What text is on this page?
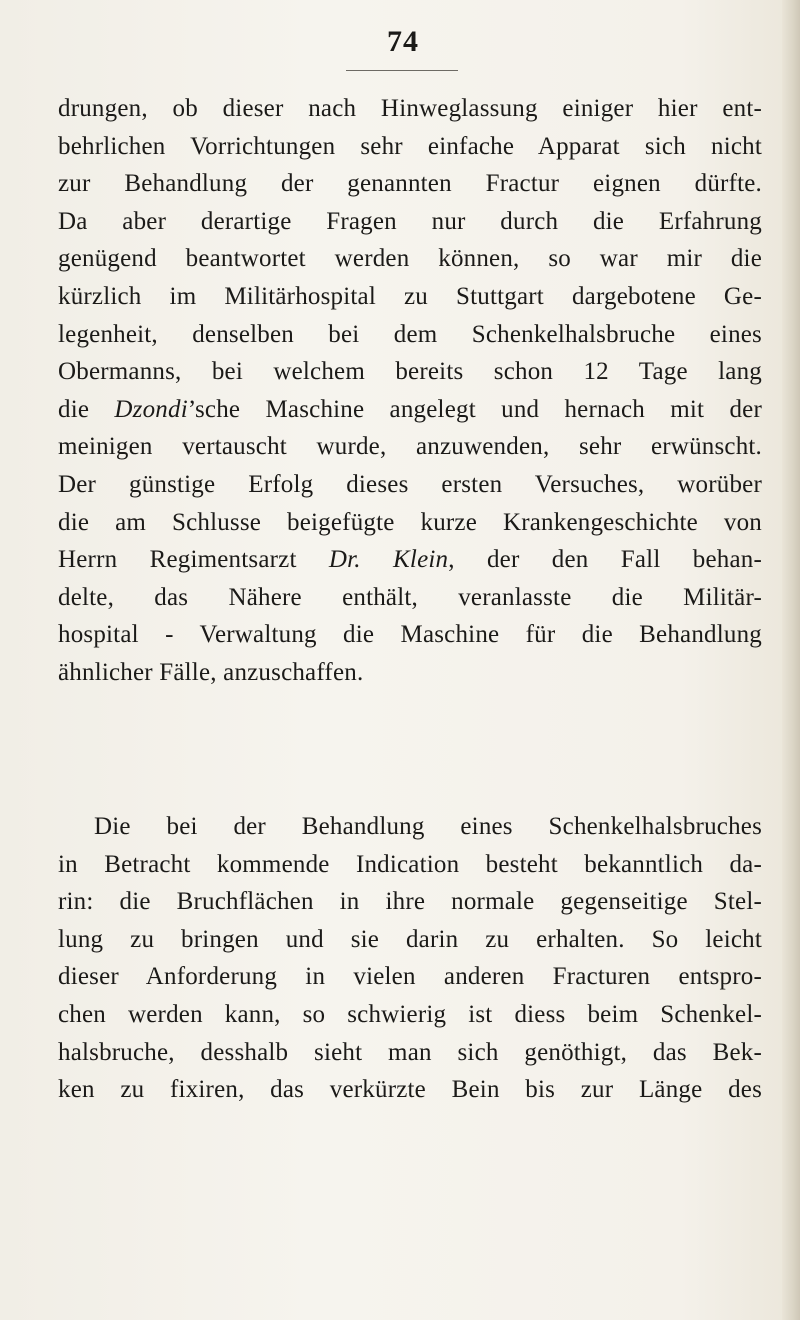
74
drungen, ob dieser nach Hinweglassung einiger hier ent-
behrlichen Vorrichtungen sehr einfache Apparat sich nicht
zur Behandlung der genannten Fractur eignen dürfte.
Da aber derartige Fragen nur durch die Erfahrung
genügend beantwortet werden können, so war mir die
kürzlich im Militärhospital zu Stuttgart dargebotene Ge-
legenheit, denselben bei dem Schenkelhalsbruche eines
Obermanns, bei welchem bereits schon 12 Tage lang
die Dzondi’sche Maschine angelegt und hernach mit der
meinigen vertauscht wurde, anzuwenden, sehr erwünscht.
Der günstige Erfolg dieses ersten Versuches, worüber
die am Schlusse beigefügte kurze Krankengeschichte von
Herrn Regimentsarzt Dr. Klein, der den Fall behan-
delte, das Nähere enthält, veranlasste die Militär-
hospital - Verwaltung die Maschine für die Behandlung
ähnlicher Fälle, anzuschaffen.
Die bei der Behandlung eines Schenkelhalsbruches
in Betracht kommende Indication besteht bekanntlich da-
rin: die Bruchflächen in ihre normale gegenseitige Stel-
lung zu bringen und sie darin zu erhalten. So leicht
dieser Anforderung in vielen anderen Fracturen entspro-
chen werden kann, so schwierig ist diess beim Schenkel-
halsbruche, desshalb sieht man sich genöthigt, das Bek-
ken zu fixiren, das verkürzte Bein bis zur Länge des
